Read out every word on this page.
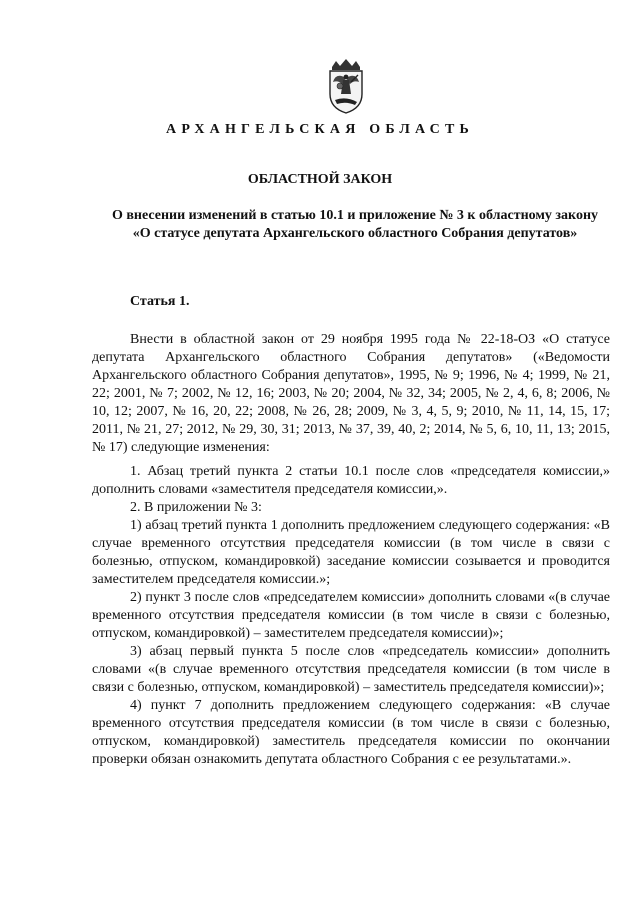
АРХАНГЕЛЬСКАЯ ОБЛАСТЬ
ОБЛАСТНОЙ ЗАКОН
О внесении изменений в статью 10.1 и приложение № 3 к областному закону «О статусе депутата Архангельского областного Собрания депутатов»
Статья 1.

Внести в областной закон от 29 ноября 1995 года № 22-18-ОЗ «О статусе депутата Архангельского областного Собрания депутатов» («Ведомости Архангельского областного Собрания депутатов», 1995, № 9; 1996, № 4; 1999, № 21, 22; 2001, № 7; 2002, № 12, 16; 2003, № 20; 2004, № 32, 34; 2005, № 2, 4, 6, 8; 2006, № 10, 12; 2007, № 16, 20, 22; 2008, № 26, 28; 2009, № 3, 4, 5, 9; 2010, № 11, 14, 15, 17; 2011, № 21, 27; 2012, № 29, 30, 31; 2013, № 37, 39, 40, 2; 2014, № 5, 6, 10, 11, 13; 2015, № 17) следующие изменения:

1. Абзац третий пункта 2 статьи 10.1 после слов «председателя комиссии,» дополнить словами «заместителя председателя комиссии,».

2. В приложении № 3:

1) абзац третий пункта 1 дополнить предложением следующего содержания: «В случае временного отсутствия председателя комиссии (в том числе в связи с болезнью, отпуском, командировкой) заседание комиссии созывается и проводится заместителем председателя комиссии.»;

2) пункт 3 после слов «председателем комиссии» дополнить словами «(в случае временного отсутствия председателя комиссии (в том числе в связи с болезнью, отпуском, командировкой) – заместителем председателя комиссии)»;

3) абзац первый пункта 5 после слов «председатель комиссии» дополнить словами «(в случае временного отсутствия председателя комиссии (в том числе в связи с болезнью, отпуском, командировкой) – заместитель председателя комиссии)»;

4) пункт 7 дополнить предложением следующего содержания: «В случае временного отсутствия председателя комиссии (в том числе в связи с болезнью, отпуском, командировкой) заместитель председателя комиссии по окончании проверки обязан ознакомить депутата областного Собрания с ее результатами.».
